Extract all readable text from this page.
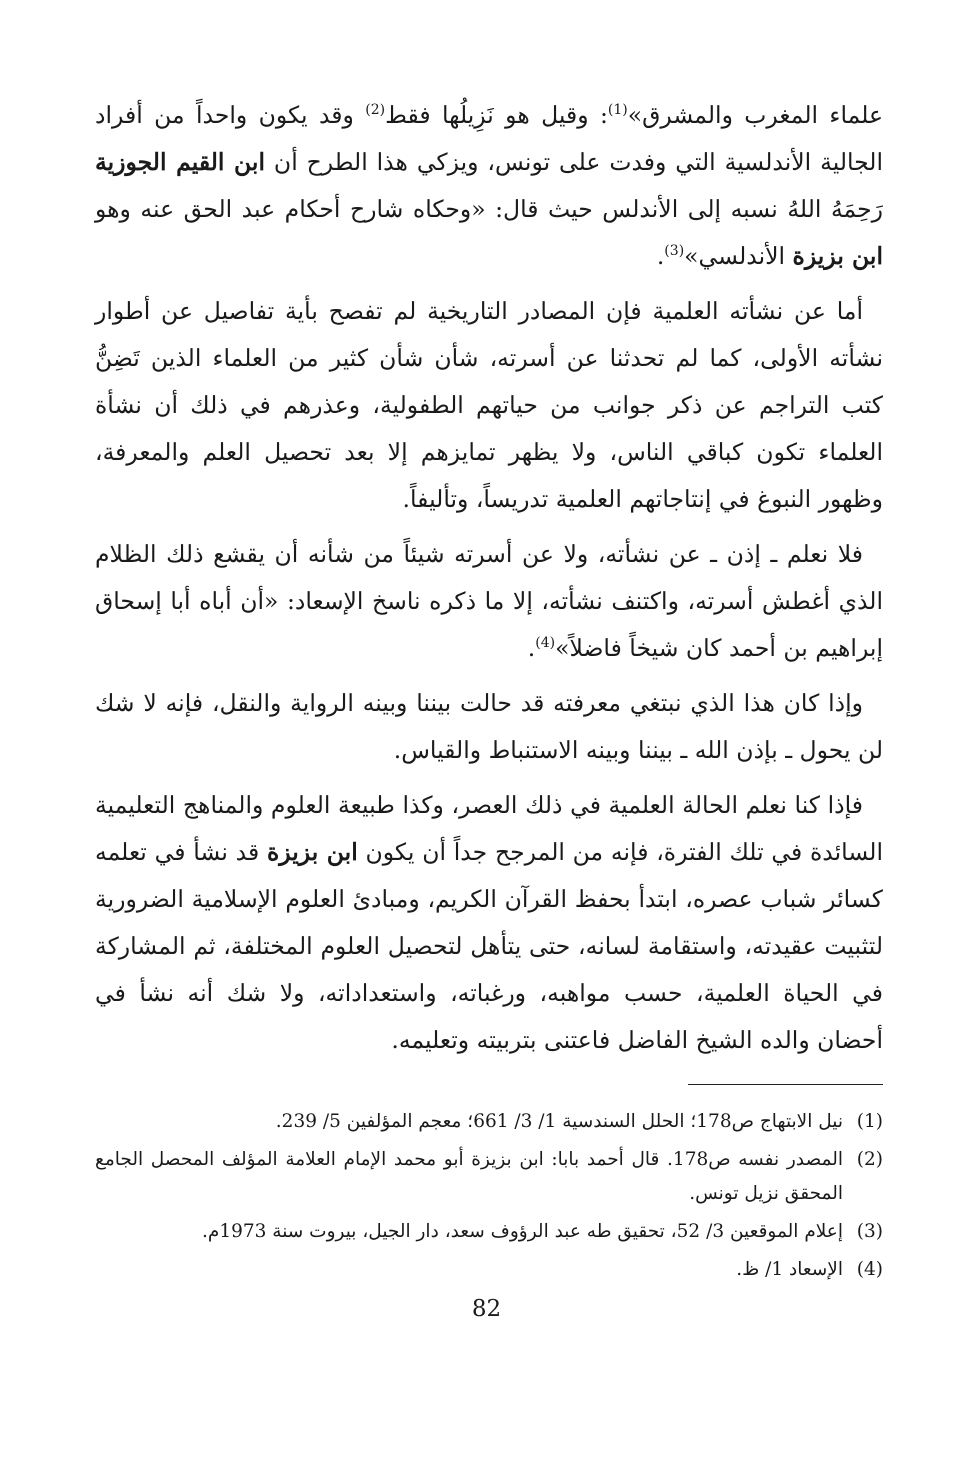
علماء المغرب والمشرق»$^{(1)}$: وقيل هو نَزِيلُها فقط$^{(2)}$ وقد يكون واحداً من أفراد الجالية الأندلسية التي وفدت على تونس، ويزكي هذا الطرح أن ابن القيم الجوزية رَحِمَهُ اللهُ نسبه إلى الأندلس حيث قال: «وحكاه شارح أحكام عبد الحق عنه وهو ابن بزيزة الأندلسي»$^{(3)}$.

أما عن نشأته العلمية فإن المصادر التاريخية لم تفصح بأية تفاصيل عن أطوار نشأته الأولى، كما لم تحدثنا عن أسرته، شأن شأن كثير من العلماء الذين تَضِنُّ كتب التراجم عن ذكر جوانب من حياتهم الطفولية، وعذرهم في ذلك أن نشأة العلماء تكون كباقي الناس، ولا يظهر تمايزهم إلا بعد تحصيل العلم والمعرفة، وظهور النبوغ في إنتاجاتهم العلمية تدريساً، وتأليفاً.

فلا نعلم ـ إذن ـ عن نشأته، ولا عن أسرته شيئاً من شأنه أن يقشع ذلك الظلام الذي أغطش أسرته، واكتنف نشأته، إلا ما ذكره ناسخ الإسعاد: «أن أباه أبا إسحاق إبراهيم بن أحمد كان شيخاً فاضلاً»$^{(4)}$.

وإذا كان هذا الذي نبتغي معرفته قد حالت بيننا وبينه الرواية والنقل، فإنه لا شك لن يحول ـ بإذن الله ـ بيننا وبينه الاستنباط والقياس.

فإذا كنا نعلم الحالة العلمية في ذلك العصر، وكذا طبيعة العلوم والمناهج التعليمية السائدة في تلك الفترة، فإنه من المرجح جداً أن يكون ابن بزيزة قد نشأ في تعلمه كسائر شباب عصره، ابتدأ بحفظ القرآن الكريم، ومبادئ العلوم الإسلامية الضرورية لتثبيت عقيدته، واستقامة لسانه، حتى يتأهل لتحصيل العلوم المختلفة، ثم المشاركة في الحياة العلمية، حسب مواهبه، ورغباته، واستعداداته، ولا شك أنه نشأ في أحضان والده الشيخ الفاضل فاعتنى بتربيته وتعليمه.

(1)
نيل الابتهاج ص178؛ الحلل السندسية 1/ 3/ 661؛ معجم المؤلفين 5/ 239.
(2)
المصدر نفسه ص178. قال أحمد بابا: ابن بزيزة أبو محمد الإمام العلامة المؤلف المحصل الجامع المحقق نزيل تونس.
(3)
إعلام الموقعين 3/ 52، تحقيق طه عبد الرؤوف سعد، دار الجيل، بيروت سنة 1973م.
(4)
الإسعاد 1/ ظ.
82
